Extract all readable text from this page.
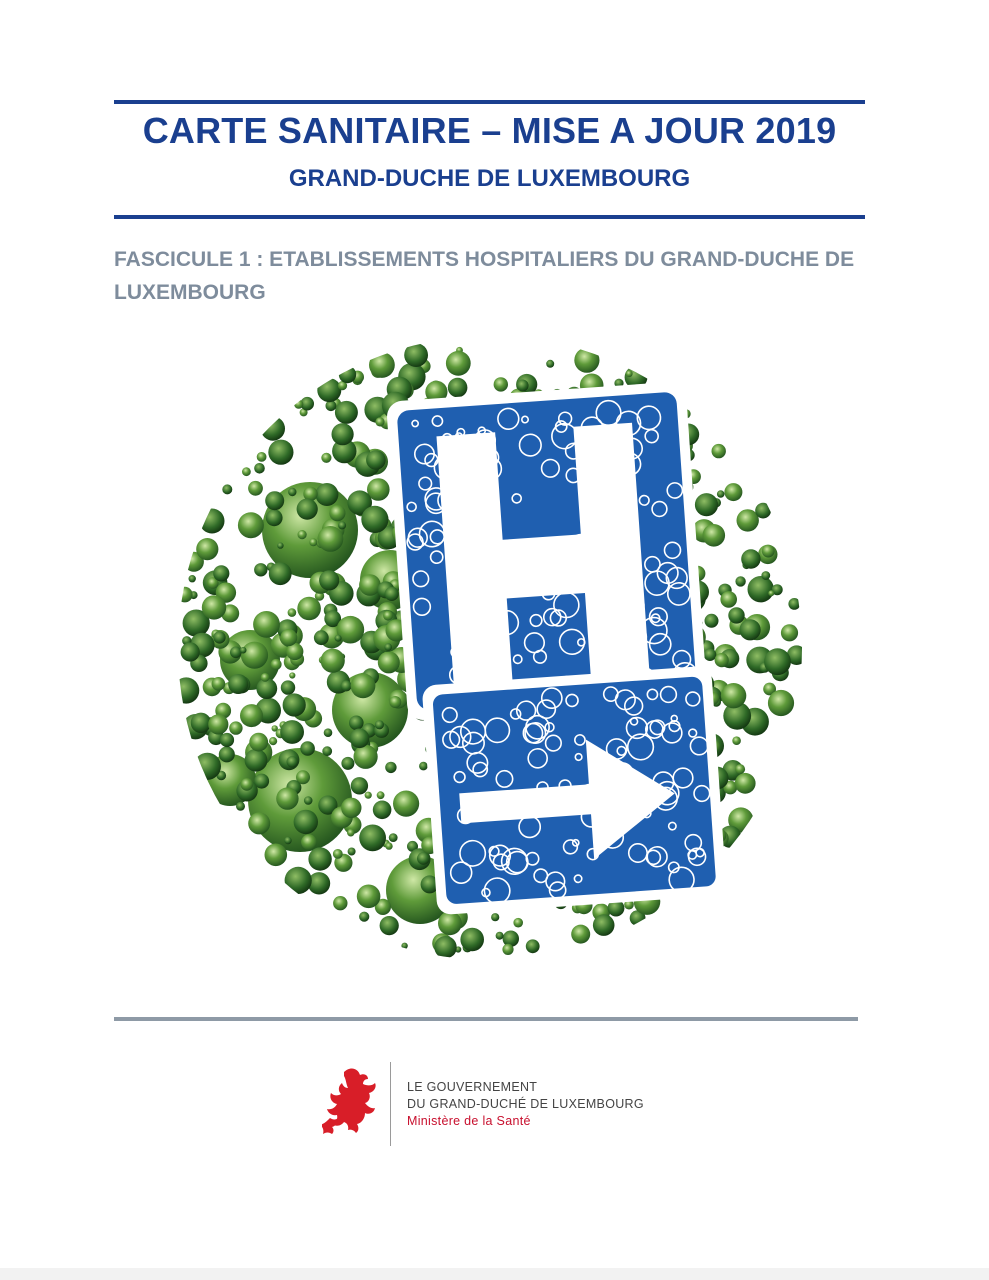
CARTE SANITAIRE – MISE A JOUR 2019
GRAND-DUCHE DE LUXEMBOURG
FASCICULE 1 : ETABLISSEMENTS HOSPITALIERS DU GRAND-DUCHE DE
LUXEMBOURG
LE GOUVERNEMENT
DU GRAND-DUCHÉ DE LUXEMBOURG
Ministère de la Santé
